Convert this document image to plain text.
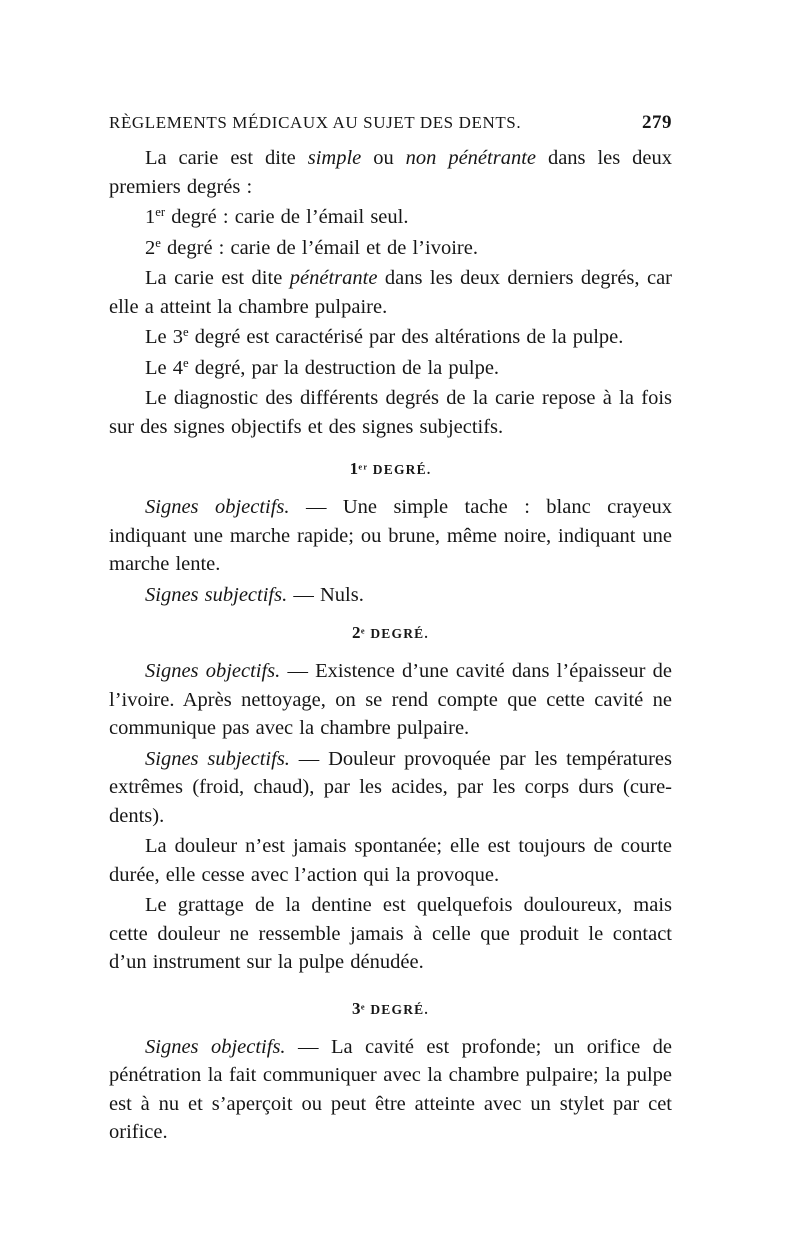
RÈGLEMENTS MÉDICAUX AU SUJET DES DENTS.	279

La carie est dite simple ou non pénétrante dans les deux premiers degrés :

1er degré : carie de l’émail seul.

2e degré : carie de l’émail et de l’ivoire.

La carie est dite pénétrante dans les deux derniers degrés, car elle a atteint la chambre pulpaire.

Le 3e degré est caractérisé par des altérations de la pulpe.

Le 4e degré, par la destruction de la pulpe.

Le diagnostic des différents degrés de la carie repose à la fois sur des signes objectifs et des signes subjectifs.

1er DEGRÉ.

Signes objectifs. — Une simple tache : blanc crayeux indiquant une marche rapide; ou brune, même noire, indiquant une marche lente.

Signes subjectifs. — Nuls.

2e DEGRÉ.

Signes objectifs. — Existence d’une cavité dans l’épaisseur de l’ivoire. Après nettoyage, on se rend compte que cette cavité ne communique pas avec la chambre pulpaire.

Signes subjectifs. — Douleur provoquée par les températures extrêmes (froid, chaud), par les acides, par les corps durs (cure-dents).

La douleur n’est jamais spontanée; elle est toujours de courte durée, elle cesse avec l’action qui la provoque.

Le grattage de la dentine est quelquefois douloureux, mais cette douleur ne ressemble jamais à celle que produit le contact d’un instrument sur la pulpe dénudée.

3e DEGRÉ.

Signes objectifs. — La cavité est profonde; un orifice de pénétration la fait communiquer avec la chambre pulpaire; la pulpe est à nu et s’aperçoit ou peut être atteinte avec un stylet par cet orifice.
